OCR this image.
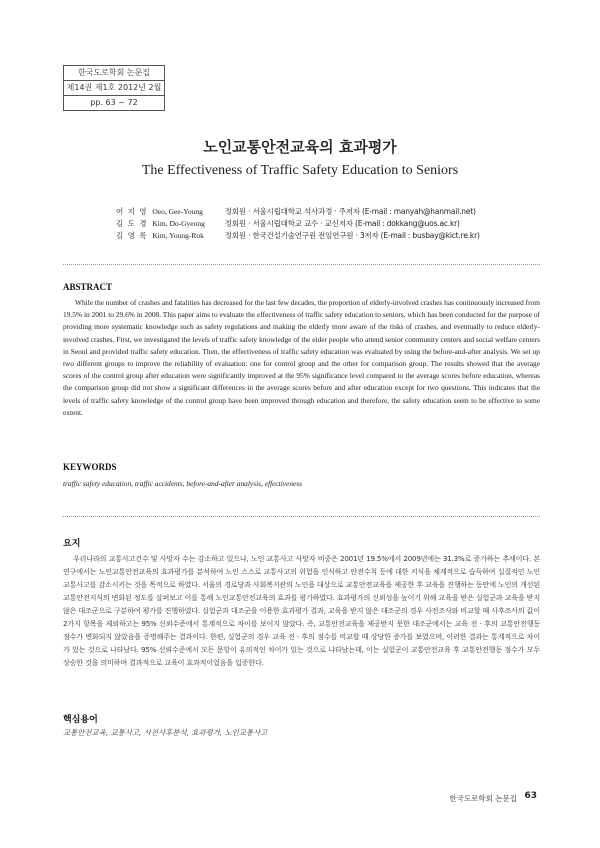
한국도로학회 논문집
제14권 제1호 2012년 2월
pp. 63 ~ 72
노인교통안전교육의 효과평가
The Effectiveness of Traffic Safety Education to Seniors
어 지 영 Oeo, Gee-Young	정회원 · 서울시립대학교 석사과정 · 주저자 (E-mail : manyah@hanmail.net)
김 도 경 Kim, Do-Gyeong	정회원 · 서울시립대학교 교수 · 교신저자 (E-mail : dokkang@uos.ac.kr)
김 영 록 Kim, Young-Rok	정회원 · 한국건설기술연구원 전임연구원 · 3저자 (E-mail : busbay@kict.re.kr)
ABSTRACT
While the number of crashes and fatalities has decreased for the last few decades, the proportion of elderly-involved crashes has continuously increased from 19.5% in 2001 to 29.6% in 2008. This paper aims to evaluate the effectiveness of traffic safety education to seniors, which has been conducted for the purpose of providing more systematic knowledge such as safety regulations and making the elderly more aware of the risks of crashes, and eventually to reduce elderly-involved crashes. First, we investigated the levels of traffic safety knowledge of the elder people who attend senior community centers and social welfare centers in Seoul and provided traffic safety education. Then, the effectiveness of traffic safety education was evaluated by using the before-and-after analysis. We set up two different groups to improve the reliability of evaluation: one for control group and the other for comparison group. The results showed that the average scores of the control group after education were significantly improved at the 95% significance level compared to the average scores before education, whereas the comparison group did not show a significant differences in the average scores before and after education except for two questions. This indicates that the levels of traffic safety knowledge of the control group have been improved through education and therefore, the safety education seem to be effective to some extent.
KEYWORDS
traffic safety education, traffic accidents, before-and-after analysis, effectiveness
요지
우리나라의 교통사고건수 및 사망자 수는 감소하고 있으나, 노인 교통사고 사망자 비중은 2001년 19.5%에서 2009년에는 31.3%로 증가하는 추세이다. 본 연구에서는 노인교통안전교육의 효과평가를 분석하여 노인 스스로 교통사고의 위험을 인식하고 안전수칙 등에 대한 지식을 체계적으로 습득하여 실질적인 노인교통사고를 감소시키는 것을 목적으로 하였다. 서울의 경로당과 사회복지관의 노인을 대상으로 교통안전교육을 제공한 후 교육을 진행하는 동안에 노인의 개선된 교통안전지식의 변화된 정도를 살펴보고 이를 통해 노인교통안전교육의 효과를 평가하였다. 효과평가의 신뢰성을 높이기 위해 교육을 받은 실험군과 교육을 받지 않은 대조군으로 구분하여 평가를 진행하였다. 실험군과 대조군을 이용한 효과평가 결과, 교육을 받지 않은 대조군의 경우 사전조사와 비교할 때 사후조사의 값이 2가지 항목을 제외하고는 95% 신뢰수준에서 통계적으로 차이를 보이지 않았다. 즉, 교통안전교육을 제공받지 못한 대조군에서는 교육 전 · 후의 교통안전행동 점수가 변화되지 않았음을 증명해주는 결과이다. 한편, 실험군의 경우 교육 전 · 후의 점수를 비교할 때 상당한 증가를 보였으며, 이러한 결과는 통계적으로 차이가 있는 것으로 나타났다. 95% 신뢰수준에서 모든 문항이 유의적인 차이가 있는 것으로 나타났는데, 이는 실험군이 교통안전교육 후 교통안전행동 점수가 모두 상승한 것을 의미하며 결과적으로 교육이 효과적이었음을 입증한다.
핵심용어
교통안전교육, 교통사고, 사전사후분석, 효과평가, 노인교통사고
한국도로학회 논문집 63
